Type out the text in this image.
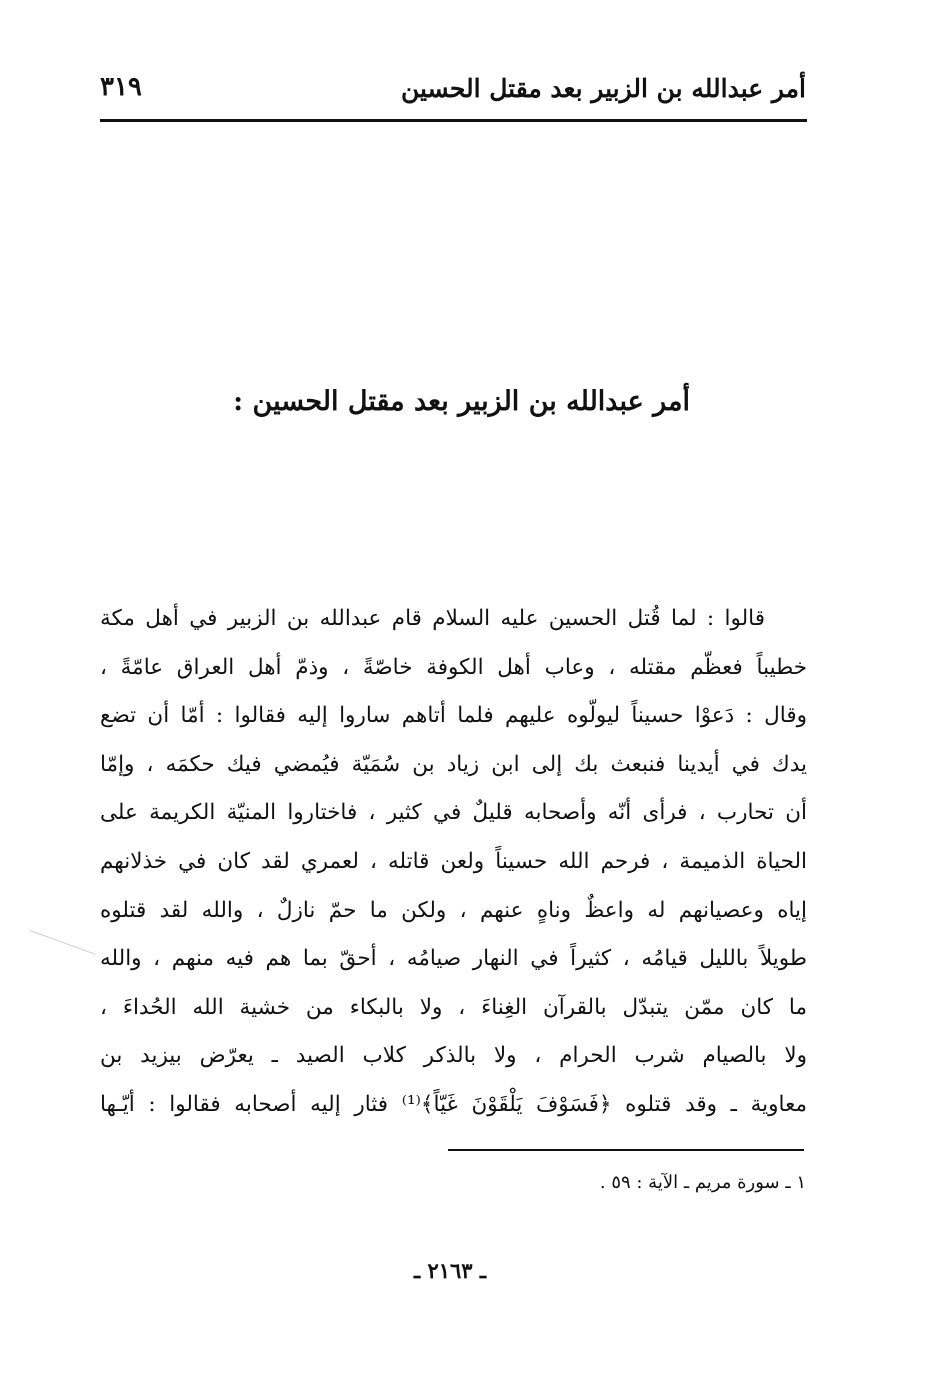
أمر عبدالله بن الزبير بعد مقتل الحسين
٣١٩
أمر عبدالله بن الزبير بعد مقتل الحسين :
قالوا : لما قُتل الحسين عليه السلام قام عبدالله بن الزبير في أهل مكة
خطيباً فعظّم مقتله ، وعاب أهل الكوفة خاصّةً ، وذمّ أهل العراق عامّةً ،
وقال : دَعوْا حسيناً ليولّوه عليهم فلما أتاهم ساروا إليه فقالوا : أمّا أن تضع
يدك في أيدينا فنبعث بك إلى ابن زياد بن سُمَيّة فيُمضي فيك حكمَه ، وإمّا
أن تحارب ، فرأى أنّه وأصحابه قليلٌ في كثير ، فاختاروا المنيّة الكريمة على
الحياة الذميمة ، فرحم الله حسيناً ولعن قاتله ، لعمري لقد كان في خذلانهم
إياه وعصيانهم له واعظٌ وناهٍ عنهم ، ولكن ما حمّ نازلٌ ، والله لقد قتلوه
طويلاً بالليل قيامُه ، كثيراً في النهار صيامُه ، أحقّ بما هم فيه منهم ، والله
ما كان ممّن يتبدّل بالقرآن الغِناءَ ، ولا بالبكاء من خشية الله الحُداءَ ،
ولا بالصيام شرب الحرام ، ولا بالذكر كلاب الصيد ـ يعرّض بيزيد بن
معاوية ـ وقد قتلوه ﴿فَسَوْفَ يَلْقَوْنَ غَيّاً﴾⁽¹⁾ فثار إليه أصحابه فقالوا : أيّـها
١ ـ سورة مريم ـ الآية : ٥٩ .
ـ ٢١٦٣ ـ
